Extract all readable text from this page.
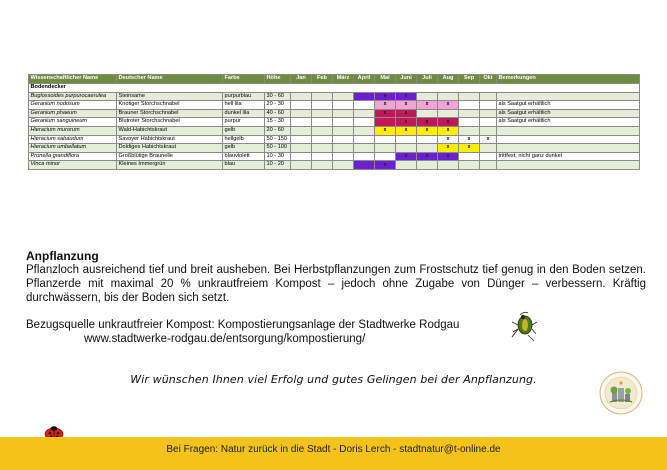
Wissenschaftlicher Name	Deutscher Name	Farbe	Höhe	Jan	Feb	März	April	Mai	Juni	Juli	Aug	Sep	Okt	Bemerkungen
Bodendecker														
Buglossoides purpurocaerulea	Steinsame	purpurblau	30 - 60					x	x					
Geranium nodosum	Knotiger Storchschnabel	hell lila	20 - 30					x	x	x	x			als Saatgut erhältlich
Geranium phaeum	Brauner Storchschnabel	dunkel lila	40 - 60					x	x					als Saatgut erhältlich
Geranium sanguineum	Blutroter Storchschnabel	purpur	15 - 30						x	x	x			als Saatgut erhältlich
Hieracium murorum	Wald-Habichtskraut	gelb	20 - 60					x	x	x	x			
Hieracium sabaudum	Savoyer Habichtskraut	hellgelb	50 - 150								x	x	x	
Hieracium umbellatum	Doldiges Habichtskraut	gelb	50 - 100								x	x		
Prunella grandiflora	Großblütige Braunelle	blauviolett	10 - 30						x	x	x			trittfest, nicht ganz dunkel
Vinca minor	Kleines Immergrün	blau	10 - 20					x						
Anpflanzung

Pflanzloch ausreichend tief und breit ausheben. Bei Herbstpflanzungen zum Frostschutz tief genug in den Boden setzen. Pflanzerde mit maximal 20 % unkrautfreiem Kompost – jedoch ohne Zugabe von Dünger – verbessern. Kräftig durchwässern, bis der Boden sich setzt.

Bezugsquelle unkrautfreier Kompost: Kompostierungsanlage der Stadtwerke Rodgau
www.stadtwerke-rodgau.de/entsorgung/kompostierung/
Wir wünschen Ihnen viel Erfolg und gutes Gelingen bei der Anpflanzung.
Bei Fragen: Natur zurück in die Stadt - Doris Lerch - stadtnatur@t-online.de
